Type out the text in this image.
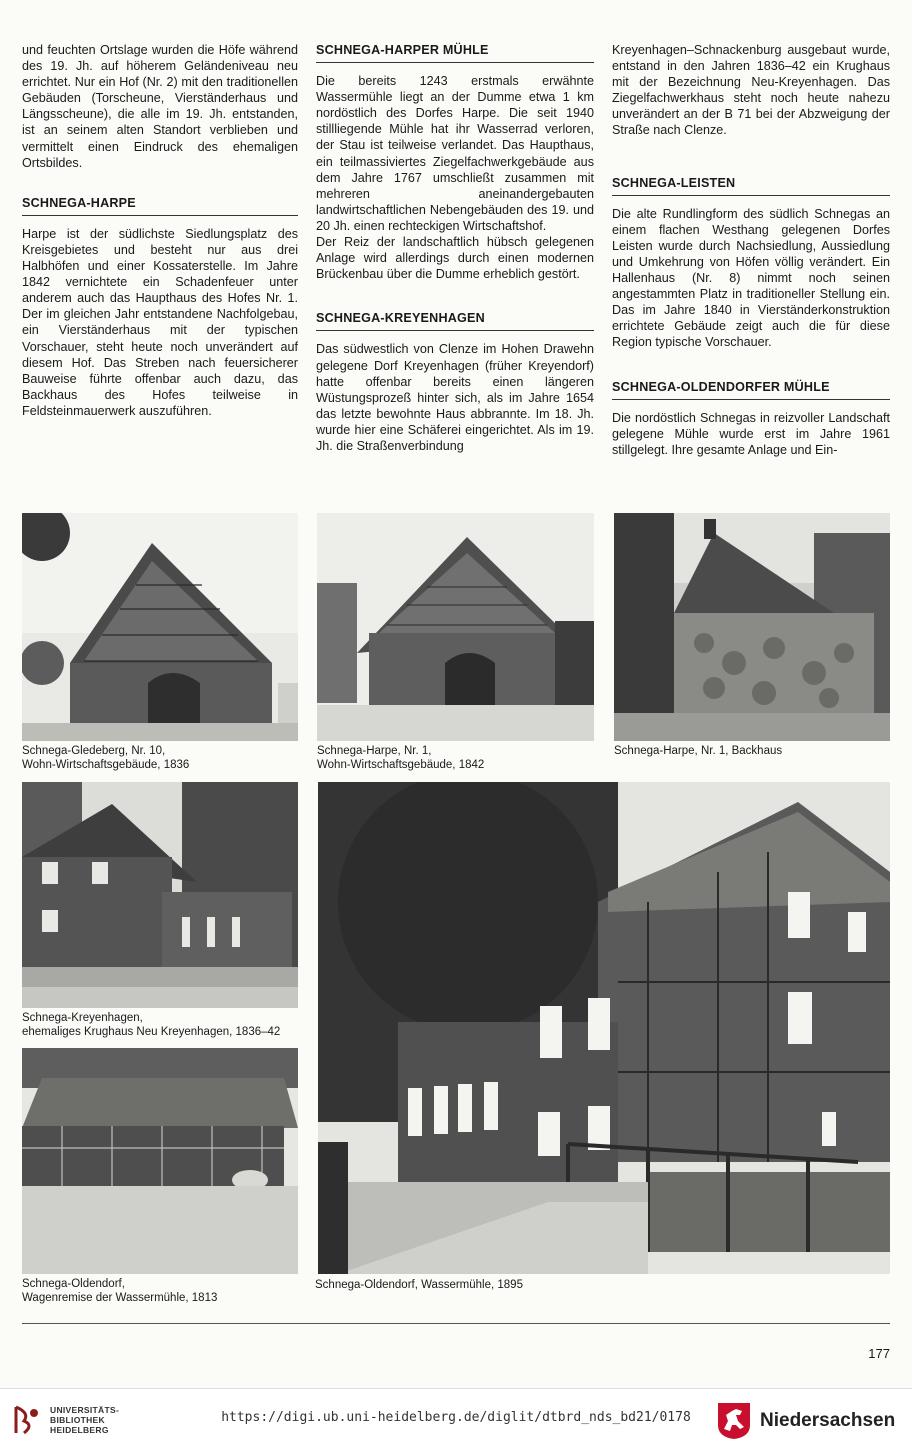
und feuchten Ortslage wurden die Höfe während des 19. Jh. auf höherem Geländeniveau neu errichtet. Nur ein Hof (Nr. 2) mit den traditionellen Gebäuden (Torscheune, Vierständerhaus und Längsscheune), die alle im 19. Jh. entstanden, ist an seinem alten Standort verblieben und vermittelt einen Eindruck des ehemaligen Ortsbildes.

SCHNEGA-HARPE

Harpe ist der südlichste Siedlungsplatz des Kreisgebietes und besteht nur aus drei Halbhöfen und einer Kossaterstelle. Im Jahre 1842 vernichtete ein Schadenfeuer unter anderem auch das Haupthaus des Hofes Nr. 1. Der im gleichen Jahr entstandene Nachfolgebau, ein Vierständerhaus mit der typischen Vorschauer, steht heute noch unverändert auf diesem Hof. Das Streben nach feuersicherer Bauweise führte offenbar auch dazu, das Backhaus des Hofes teilweise in Feldsteinmauerwerk auszuführen.

SCHNEGA-HARPER MÜHLE

Die bereits 1243 erstmals erwähnte Wassermühle liegt an der Dumme etwa 1 km nordöstlich des Dorfes Harpe. Die seit 1940 stillliegende Mühle hat ihr Wasserrad verloren, der Stau ist teilweise verlandet. Das Haupthaus, ein teilmassiviertes Ziegelfachwerkgebäude aus dem Jahre 1767 umschließt zusammen mit mehreren aneinandergebauten landwirtschaftlichen Nebengebäuden des 19. und 20 Jh. einen rechteckigen Wirtschaftshof.

Der Reiz der landschaftlich hübsch gelegenen Anlage wird allerdings durch einen modernen Brückenbau über die Dumme erheblich gestört.

SCHNEGA-KREYENHAGEN

Das südwestlich von Clenze im Hohen Drawehn gelegene Dorf Kreyenhagen (früher Kreyendorf) hatte offenbar bereits einen längeren Wüstungsprozeß hinter sich, als im Jahre 1654 das letzte bewohnte Haus abbrannte. Im 18. Jh. wurde hier eine Schäferei eingerichtet. Als im 19. Jh. die Straßenverbindung

Kreyenhagen–Schnackenburg ausgebaut wurde, entstand in den Jahren 1836–42 ein Krughaus mit der Bezeichnung Neu-Kreyenhagen. Das Ziegelfachwerkhaus steht noch heute nahezu unverändert an der B 71 bei der Abzweigung der Straße nach Clenze.

SCHNEGA-LEISTEN

Die alte Rundlingform des südlich Schnegas an einem flachen Westhang gelegenen Dorfes Leisten wurde durch Nachsiedlung, Aussiedlung und Umkehrung von Höfen völlig verändert. Ein Hallenhaus (Nr. 8) nimmt noch seinen angestammten Platz in traditioneller Stellung ein. Das im Jahre 1840 in Vierständerkonstruktion errichtete Gebäude zeigt auch die für diese Region typische Vorschauer.

SCHNEGA-OLDENDORFER MÜHLE

Die nordöstlich Schnegas in reizvoller Landschaft gelegene Mühle wurde erst im Jahre 1961 stillgelegt. Ihre gesamte Anlage und Ein-

Schnega-Gledeberg, Nr. 10,
Wohn-Wirtschaftsgebäude, 1836
Schnega-Harpe, Nr. 1,
Wohn-Wirtschaftsgebäude, 1842
Schnega-Harpe, Nr. 1, Backhaus
Schnega-Kreyenhagen,
ehemaliges Krughaus Neu Kreyenhagen, 1836–42
Schnega-Oldendorf,
Wagenremise der Wassermühle, 1813
Schnega-Oldendorf, Wassermühle, 1895
177
UNIVERSITÄTS-
BIBLIOTHEK
HEIDELBERG
https://digi.ub.uni-heidelberg.de/diglit/dtbrd_nds_bd21/0178	Niedersachsen
